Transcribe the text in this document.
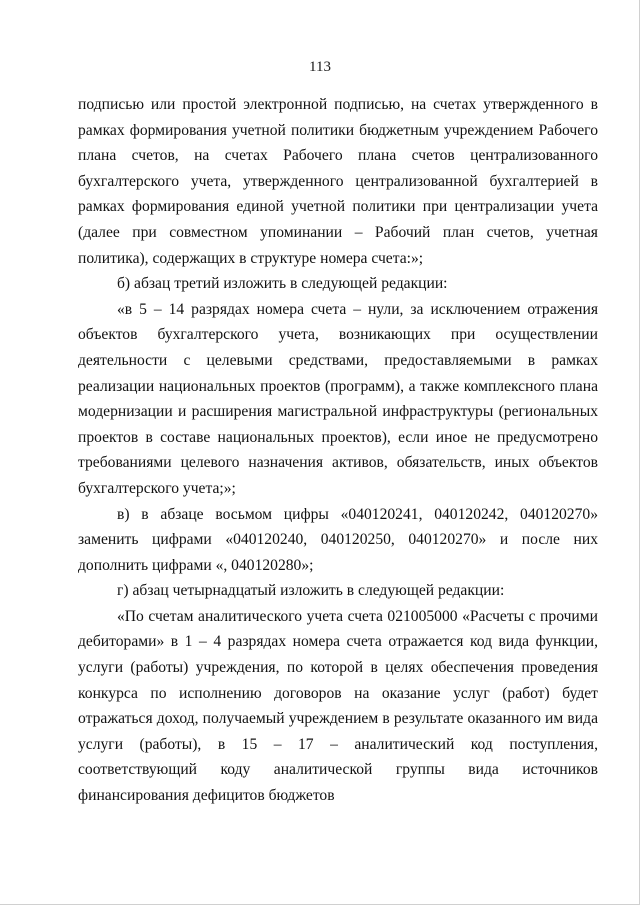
113

подписью или простой электронной подписью, на счетах утвержденного в рамках формирования учетной политики бюджетным учреждением Рабочего плана счетов, на счетах Рабочего плана счетов централизованного бухгалтерского учета, утвержденного централизованной бухгалтерией в рамках формирования единой учетной политики при централизации учета (далее при совместном упоминании – Рабочий план счетов, учетная политика), содержащих в структуре номера счета:»;

б) абзац третий изложить в следующей редакции:

«в 5 – 14 разрядах номера счета – нули, за исключением отражения объектов бухгалтерского учета, возникающих при осуществлении деятельности с целевыми средствами, предоставляемыми в рамках реализации национальных проектов (программ), а также комплексного плана модернизации и расширения магистральной инфраструктуры (региональных проектов в составе национальных проектов), если иное не предусмотрено требованиями целевого назначения активов, обязательств, иных объектов бухгалтерского учета;»;

в) в абзаце восьмом цифры «040120241, 040120242, 040120270» заменить цифрами «040120240, 040120250, 040120270» и после них дополнить цифрами «, 040120280»;

г) абзац четырнадцатый изложить в следующей редакции:

«По счетам аналитического учета счета 021005000 «Расчеты с прочими дебиторами» в 1 – 4 разрядах номера счета отражается код вида функции, услуги (работы) учреждения, по которой в целях обеспечения проведения конкурса по исполнению договоров на оказание услуг (работ) будет отражаться доход, получаемый учреждением в результате оказанного им вида услуги (работы), в 15 – 17 – аналитический код поступления, соответствующий коду аналитической группы вида источников финансирования дефицитов бюджетов
